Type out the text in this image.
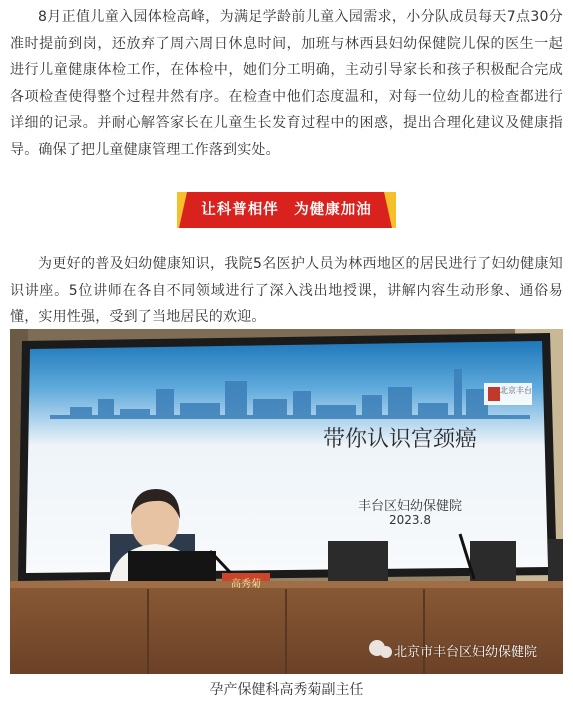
8月正值儿童入园体检高峰，为满足学龄前儿童入园需求，小分队成员每天7点30分准时提前到岗，还放弃了周六周日休息时间，加班与林西县妇幼保健院儿保的医生一起进行儿童健康体检工作，在体检中，她们分工明确，主动引导家长和孩子积极配合完成各项检查使得整个过程井然有序。在检查中他们态度温和，对每一位幼儿的检查都进行详细的记录。并耐心解答家长在儿童生长发育过程中的困惑，提出合理化建议及健康指导。确保了把儿童健康管理工作落到实处。

让科普相伴　为健康加油

为更好的普及妇幼健康知识，我院5名医护人员为林西地区的居民进行了妇幼健康知识讲座。5位讲师在各自不同领域进行了深入浅出地授课，讲解内容生动形象、通俗易懂，实用性强，受到了当地居民的欢迎。

带你认识宫颈癌
丰台区妇幼保健院
2023.8
北京丰台
高秀菊
北京市丰台区妇幼保健院
孕产保健科高秀菊副主任
